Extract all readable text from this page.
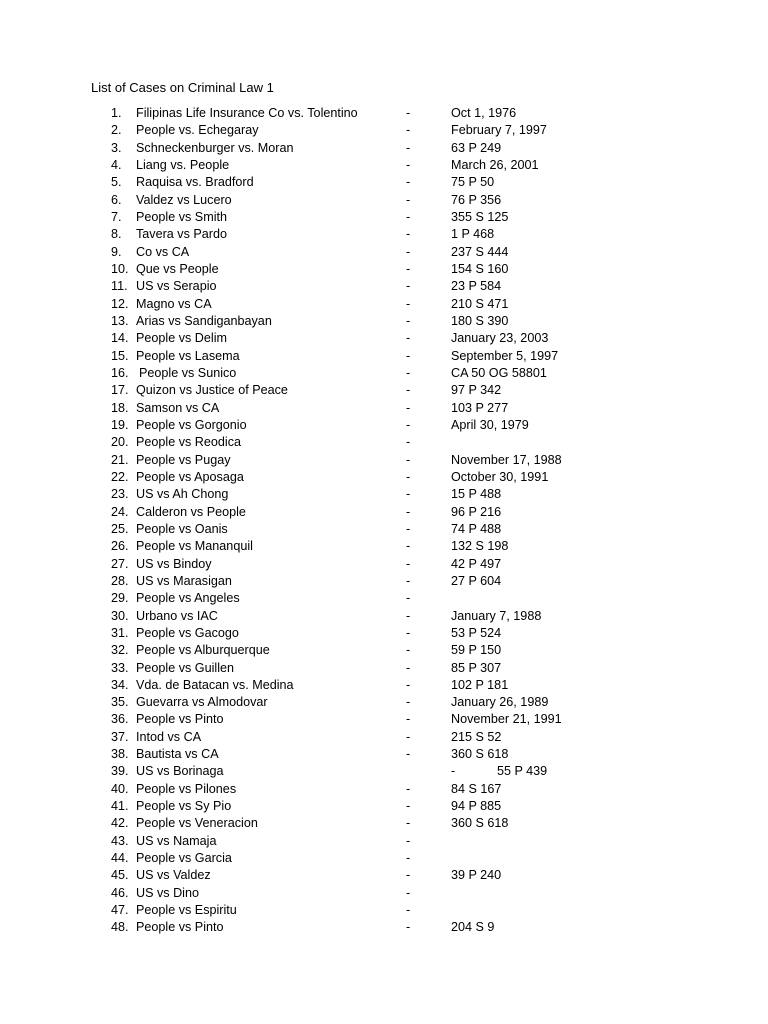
List of Cases on Criminal Law 1
1. Filipinas Life Insurance Co vs. Tolentino	-	Oct 1, 1976
2. People vs. Echegaray	-	February 7, 1997
3. Schneckenburger vs. Moran	-	63 P 249
4. Liang vs. People	-	March 26, 2001
5. Raquisa vs. Bradford	-	75 P 50
6. Valdez vs Lucero	-	76 P 356
7. People vs Smith	-	355 S 125
8. Tavera vs Pardo	-	1 P 468
9. Co vs CA	-	237 S 444
10. Que vs People	-	154 S 160
11. US vs Serapio	-	23 P 584
12. Magno vs CA	-	210 S 471
13. Arias vs Sandiganbayan	-	180 S 390
14. People vs Delim	-	January 23, 2003
15. People vs Lasema	-	September 5, 1997
16. People vs Sunico	-	CA 50 OG 58801
17. Quizon vs Justice of Peace	-	97 P 342
18. Samson vs CA	-	103 P 277
19. People vs Gorgonio	-	April 30, 1979
20. People vs Reodica	-
21. People vs Pugay	-	November 17, 1988
22. People vs Aposaga	-	October 30, 1991
23. US vs Ah Chong	-	15 P 488
24. Calderon vs People	-	96 P 216
25. People vs Oanis	-	74 P 488
26. People vs Mananquil	-	132 S 198
27. US vs Bindoy	-	42 P 497
28. US vs Marasigan	-	27 P 604
29. People vs Angeles	-
30. Urbano vs IAC	-	January 7, 1988
31. People vs Gacogo	-	53 P 524
32. People vs Alburquerque	-	59 P 150
33. People vs Guillen	-	85 P 307
34. Vda. de Batacan vs. Medina	-	102 P 181
35. Guevarra vs Almodovar	-	January 26, 1989
36. People vs Pinto	-	November 21, 1991
37. Intod vs CA	-	215 S 52
38. Bautista vs CA	-	360 S 618
39. US vs Borinaga	-	55 P 439
40. People vs Pilones	-	84 S 167
41. People vs Sy Pio	-	94 P 885
42. People vs Veneracion	-	360 S 618
43. US vs Namaja	-
44. People vs Garcia	-
45. US vs Valdez	-	39 P 240
46. US vs Dino	-
47. People vs Espiritu	-
48. People vs Pinto	-	204 S 9
